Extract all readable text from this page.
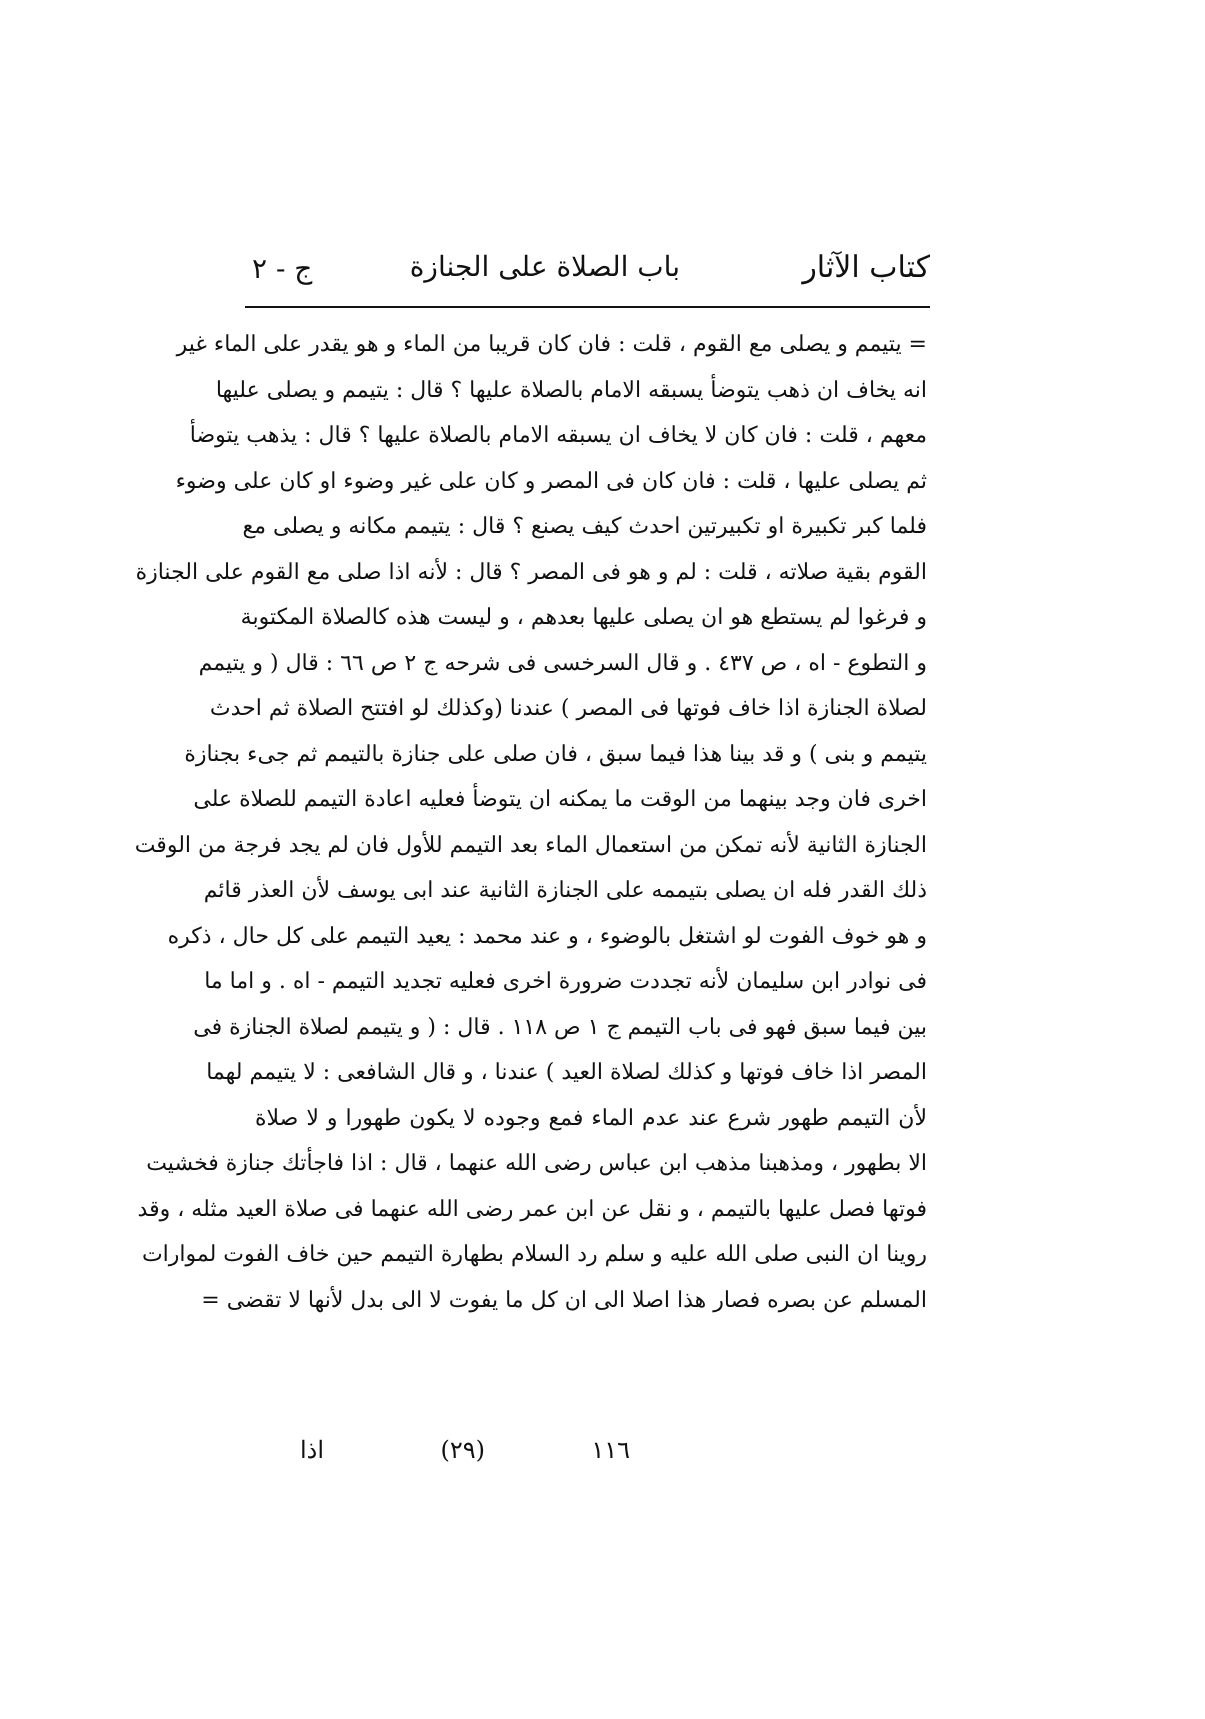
كتاب الآثار
باب الصلاة على الجنازة
ج - ٢
= يتيمم و يصلى مع القوم ، قلت : فان كان قريبا من الماء و هو يقدر على الماء غير
انه يخاف ان ذهب يتوضأ يسبقه الامام بالصلاة عليها ؟ قال : يتيمم و يصلى عليها
معهم ، قلت : فان كان لا يخاف ان يسبقه الامام بالصلاة عليها ؟ قال : يذهب يتوضأ
ثم يصلى عليها ، قلت : فان كان فى المصر و كان على غير وضوء او كان على وضوء
فلما كبر تكبيرة او تكبيرتين احدث كيف يصنع ؟ قال : يتيمم مكانه و يصلى مع
القوم بقية صلاته ، قلت : لم و هو فى المصر ؟ قال : لأنه اذا صلى مع القوم على الجنازة
و فرغوا لم يستطع هو ان يصلى عليها بعدهم ، و ليست هذه كالصلاة المكتوبة
و التطوع - اه ، ص ٤٣٧ . و قال السرخسى فى شرحه ج ٢ ص ٦٦ : قال ( و يتيمم
لصلاة الجنازة اذا خاف فوتها فى المصر ) عندنا (وكذلك لو افتتح الصلاة ثم احدث
يتيمم و بنى ) و قد بينا هذا فيما سبق ، فان صلى على جنازة بالتيمم ثم جىء بجنازة
اخرى فان وجد بينهما من الوقت ما يمكنه ان يتوضأ فعليه اعادة التيمم للصلاة على
الجنازة الثانية لأنه تمكن من استعمال الماء بعد التيمم للأول فان لم يجد فرجة من الوقت
ذلك القدر فله ان يصلى بتيممه على الجنازة الثانية عند ابى يوسف لأن العذر قائم
و هو خوف الفوت لو اشتغل بالوضوء ، و عند محمد : يعيد التيمم على كل حال ، ذكره
فى نوادر ابن سليمان لأنه تجددت ضرورة اخرى فعليه تجديد التيمم - اه . و اما ما
بين فيما سبق فهو فى باب التيمم ج ١ ص ١١٨ . قال : ( و يتيمم لصلاة الجنازة فى
المصر اذا خاف فوتها و كذلك لصلاة العيد ) عندنا ، و قال الشافعى : لا يتيمم لهما
لأن التيمم طهور شرع عند عدم الماء فمع وجوده لا يكون طهورا و لا صلاة
الا بطهور ، ومذهبنا مذهب ابن عباس رضى الله عنهما ، قال : اذا فاجأتك جنازة فخشيت
فوتها فصل عليها بالتيمم ، و نقل عن ابن عمر رضى الله عنهما فى صلاة العيد مثله ، وقد
روينا ان النبى صلى الله عليه و سلم رد السلام بطهارة التيمم حين خاف الفوت لموارات
المسلم عن بصره فصار هذا اصلا الى ان كل ما يفوت لا الى بدل لأنها لا تقضى =
١١٦
(٢٩)
اذا
